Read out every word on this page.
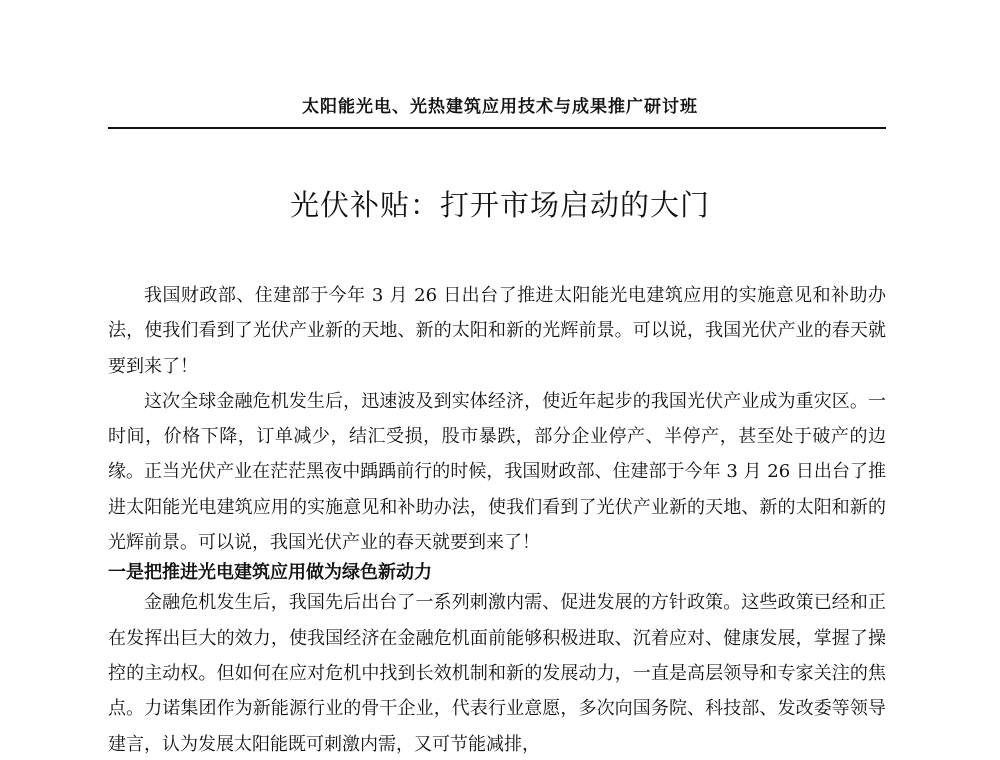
太阳能光电、光热建筑应用技术与成果推广研讨班
光伏补贴：打开市场启动的大门

我国财政部、住建部于今年 3 月 26 日出台了推进太阳能光电建筑应用的实施意见和补助办法，使我们看到了光伏产业新的天地、新的太阳和新的光辉前景。可以说，我国光伏产业的春天就要到来了！

这次全球金融危机发生后，迅速波及到实体经济，使近年起步的我国光伏产业成为重灾区。一时间，价格下降，订单减少，结汇受损，股市暴跌，部分企业停产、半停产，甚至处于破产的边缘。正当光伏产业在茫茫黑夜中踽踽前行的时候，我国财政部、住建部于今年 3 月 26 日出台了推进太阳能光电建筑应用的实施意见和补助办法，使我们看到了光伏产业新的天地、新的太阳和新的光辉前景。可以说，我国光伏产业的春天就要到来了！

一是把推进光电建筑应用做为绿色新动力

金融危机发生后，我国先后出台了一系列刺激内需、促进发展的方针政策。这些政策已经和正在发挥出巨大的效力，使我国经济在金融危机面前能够积极进取、沉着应对、健康发展，掌握了操控的主动权。但如何在应对危机中找到长效机制和新的发展动力，一直是高层领导和专家关注的焦点。力诺集团作为新能源行业的骨干企业，代表行业意愿，多次向国务院、科技部、发改委等领导建言，认为发展太阳能既可刺激内需，又可节能减排，
